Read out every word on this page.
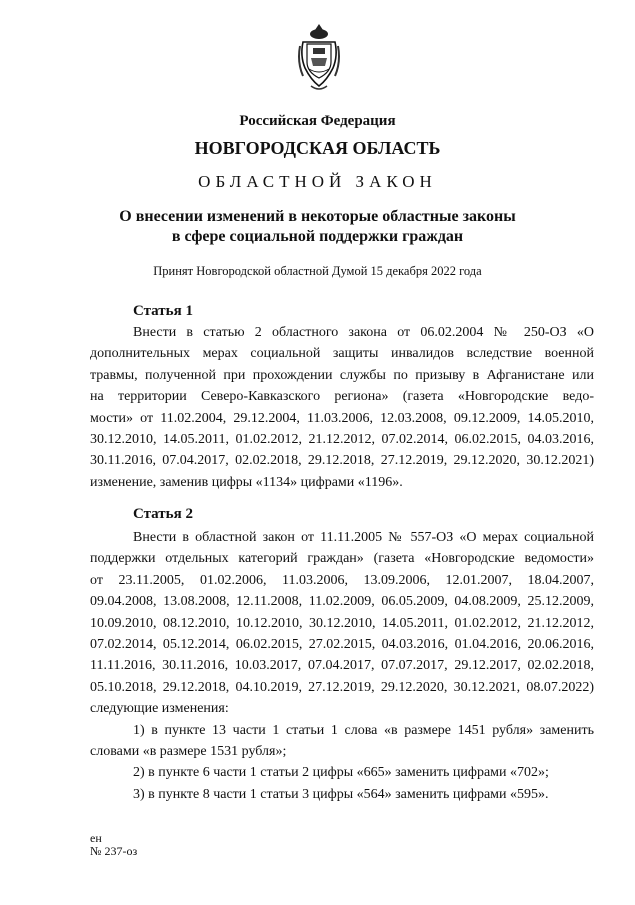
Российская Федерация
НОВГОРОДСКАЯ ОБЛАСТЬ
ОБЛАСТНОЙ ЗАКОН
О внесении изменений в некоторые областные законы
в сфере социальной поддержки граждан
Принят Новгородской областной Думой 15 декабря 2022 года
Статья 1
Внести в статью 2 областного закона от 06.02.2004 № 250-ОЗ «О
дополнительных мерах социальной защиты инвалидов вследствие военной
травмы, полученной при прохождении службы по призыву в Афганистане или
на территории Северо-Кавказского региона» (газета «Новгородские ведо-
мости» от 11.02.2004, 29.12.2004, 11.03.2006, 12.03.2008, 09.12.2009, 14.05.2010,
30.12.2010, 14.05.2011, 01.02.2012, 21.12.2012, 07.02.2014, 06.02.2015, 04.03.2016,
30.11.2016, 07.04.2017, 02.02.2018, 29.12.2018, 27.12.2019, 29.12.2020, 30.12.2021)
изменение, заменив цифры «1134» цифрами «1196».
Статья 2
Внести в областной закон от 11.11.2005 № 557-ОЗ «О мерах социальной
поддержки отдельных категорий граждан» (газета «Новгородские ведомости»
от 23.11.2005, 01.02.2006, 11.03.2006, 13.09.2006, 12.01.2007, 18.04.2007,
09.04.2008, 13.08.2008, 12.11.2008, 11.02.2009, 06.05.2009, 04.08.2009, 25.12.2009,
10.09.2010, 08.12.2010, 10.12.2010, 30.12.2010, 14.05.2011, 01.02.2012, 21.12.2012,
07.02.2014, 05.12.2014, 06.02.2015, 27.02.2015, 04.03.2016, 01.04.2016, 20.06.2016,
11.11.2016, 30.11.2016, 10.03.2017, 07.04.2017, 07.07.2017, 29.12.2017, 02.02.2018,
05.10.2018, 29.12.2018, 04.10.2019, 27.12.2019, 29.12.2020, 30.12.2021, 08.07.2022)
следующие изменения:
1) в пункте 13 части 1 статьи 1 слова «в размере 1451 рубля» заменить
словами «в размере 1531 рубля»;
2) в пункте 6 части 1 статьи 2 цифры «665» заменить цифрами «702»;
3) в пункте 8 части 1 статьи 3 цифры «564» заменить цифрами «595».
ен
№ 237-оз
